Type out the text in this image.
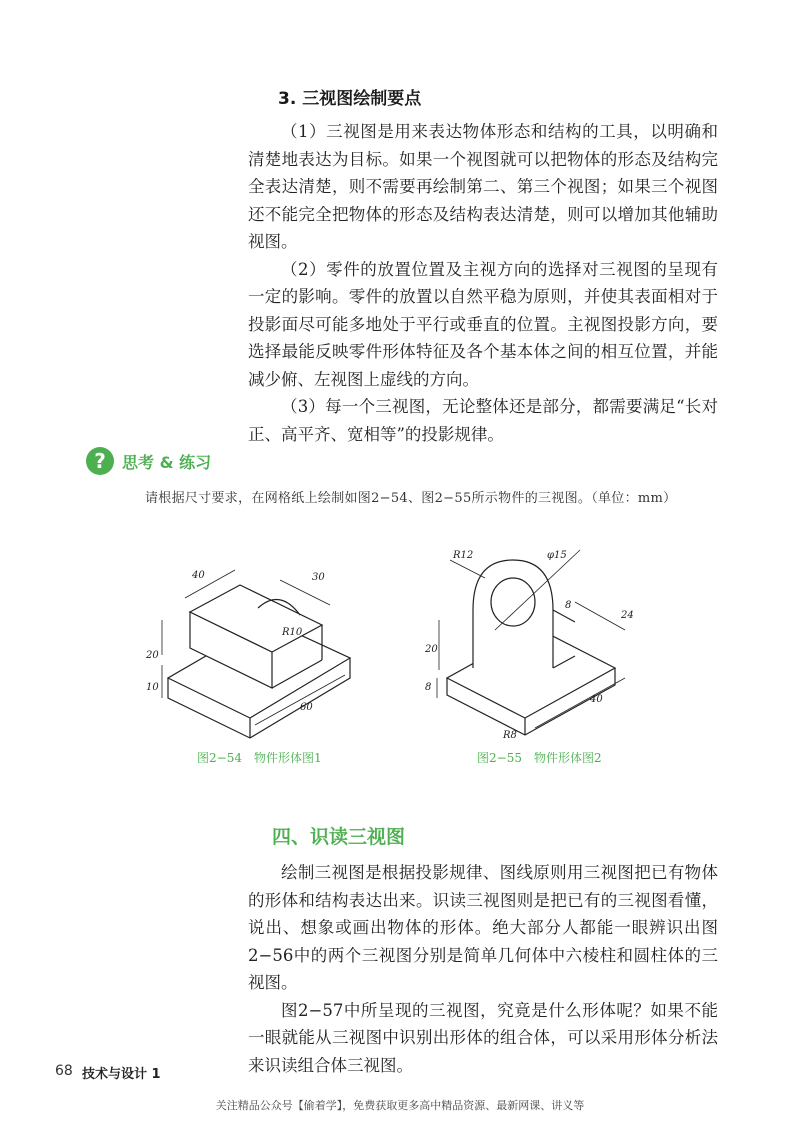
3. 三视图绘制要点

（1）三视图是用来表达物体形态和结构的工具，以明确和清楚地表达为目标。如果一个视图就可以把物体的形态及结构完全表达清楚，则不需要再绘制第二、第三个视图；如果三个视图还不能完全把物体的形态及结构表达清楚，则可以增加其他辅助视图。

（2）零件的放置位置及主视方向的选择对三视图的呈现有一定的影响。零件的放置以自然平稳为原则，并使其表面相对于投影面尽可能多地处于平行或垂直的位置。主视图投影方向，要选择最能反映零件形体特征及各个基本体之间的相互位置，并能减少俯、左视图上虚线的方向。

（3）每一个三视图，无论整体还是部分，都需要满足“长对正、高平齐、宽相等”的投影规律。

?	思考 & 练习
请根据尺寸要求，在网格纸上绘制如图2−54、图2−55所示物件的三视图。（单位：mm）
40	30
R10
20
10
60
R12	φ15
8
24
20
8
40
R8
图2−54　物件形体图1	图2−55　物件形体图2
四、识读三视图

绘制三视图是根据投影规律、图线原则用三视图把已有物体的形体和结构表达出来。识读三视图则是把已有的三视图看懂，说出、想象或画出物体的形体。绝大部分人都能一眼辨识出图2−56中的两个三视图分别是简单几何体中六棱柱和圆柱体的三视图。

图2−57中所呈现的三视图，究竟是什么形体呢？如果不能一眼就能从三视图中识别出形体的组合体，可以采用形体分析法来识读组合体三视图。

68 技术与设计 1
关注精品公众号【偷着学】，免费获取更多高中精品资源、最新网课、讲义等
